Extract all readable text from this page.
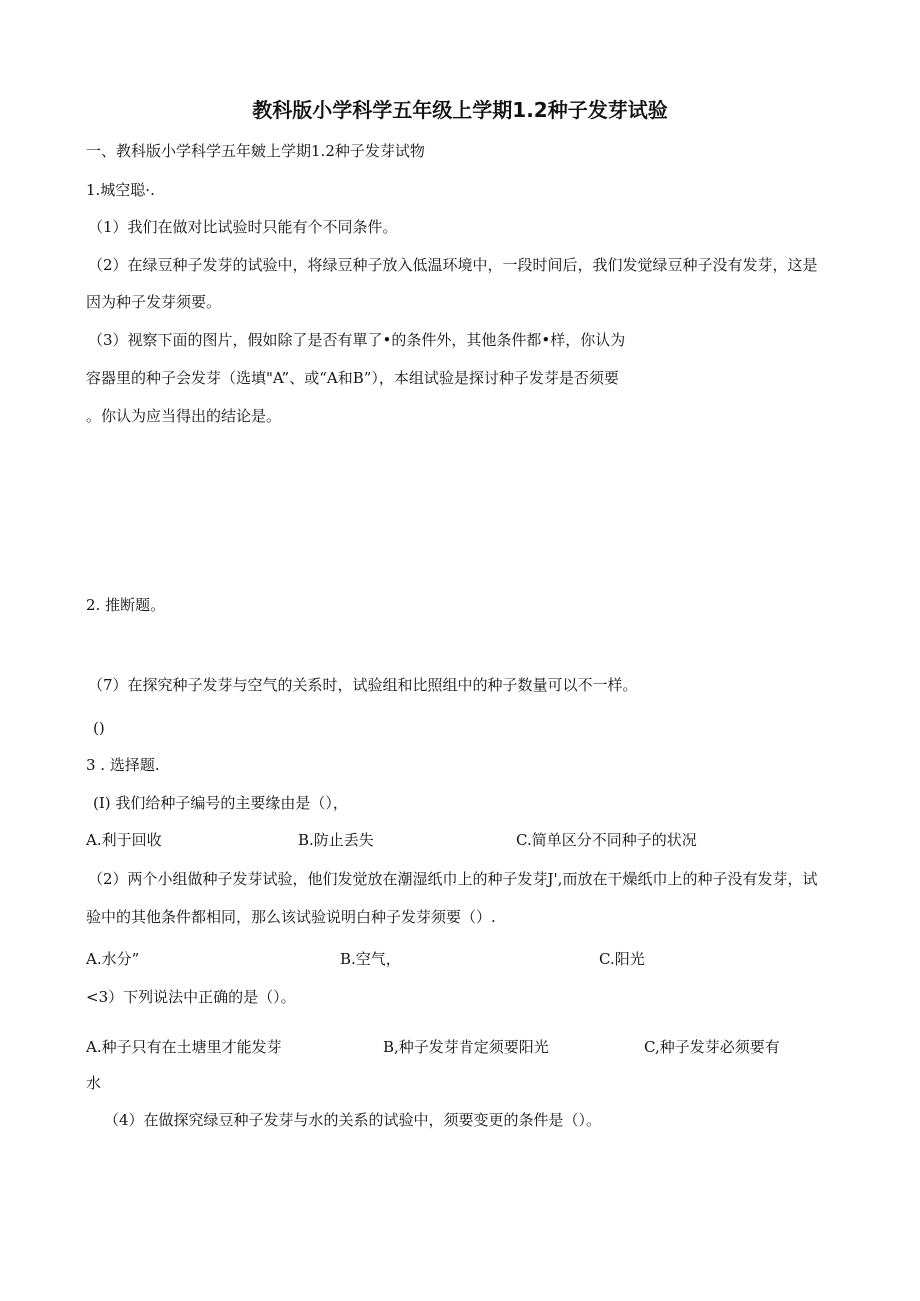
教科版小学科学五年级上学期1.2种子发芽试验
一、教科版小学科学五年皴上学期1.2种子发芽试物
1.城空聪·.
（1）我们在做对比试验时只能有个不同条件。
（2）在绿豆种子发芽的试验中，将绿豆种子放入低温环境中，一段时间后，我们发觉绿豆种子没有发芽，这是
因为种子发芽须要。
（3）视察下面的图片，假如除了是否有單了•的条件外，其他条件都•样，你认为
容器里的种子会发芽（选填"A”、或“A和B”），本组试验是探讨种子发芽是否须要
。你认为应当得出的结论是。
2. 推断题。
（7）在探究种子发芽与空气的关系时，试验组和比照组中的种子数量可以不一样。
()
3 . 选择题.
(I) 我们给种子编号的主要缘由是（），
A.利于回收	B.防止丢失	C.简单区分不同种子的状况
（2）两个小组做种子发芽试验，他们发觉放在潮湿纸巾上的种子发芽J',而放在干燥纸巾上的种子没有发芽，试
验中的其他条件都相同，那么该试验说明白种子发芽须要（）.
A.水分”	B.空气，	C.阳光
<3）下列说法中正确的是（）。
A.种子只有在土塘里才能发芽	B,种子发芽肯定须要阳光	C,种子发芽必须要有
水
（4）在做探究绿豆种子发芽与水的关系的试验中，须要变更的条件是（）。
